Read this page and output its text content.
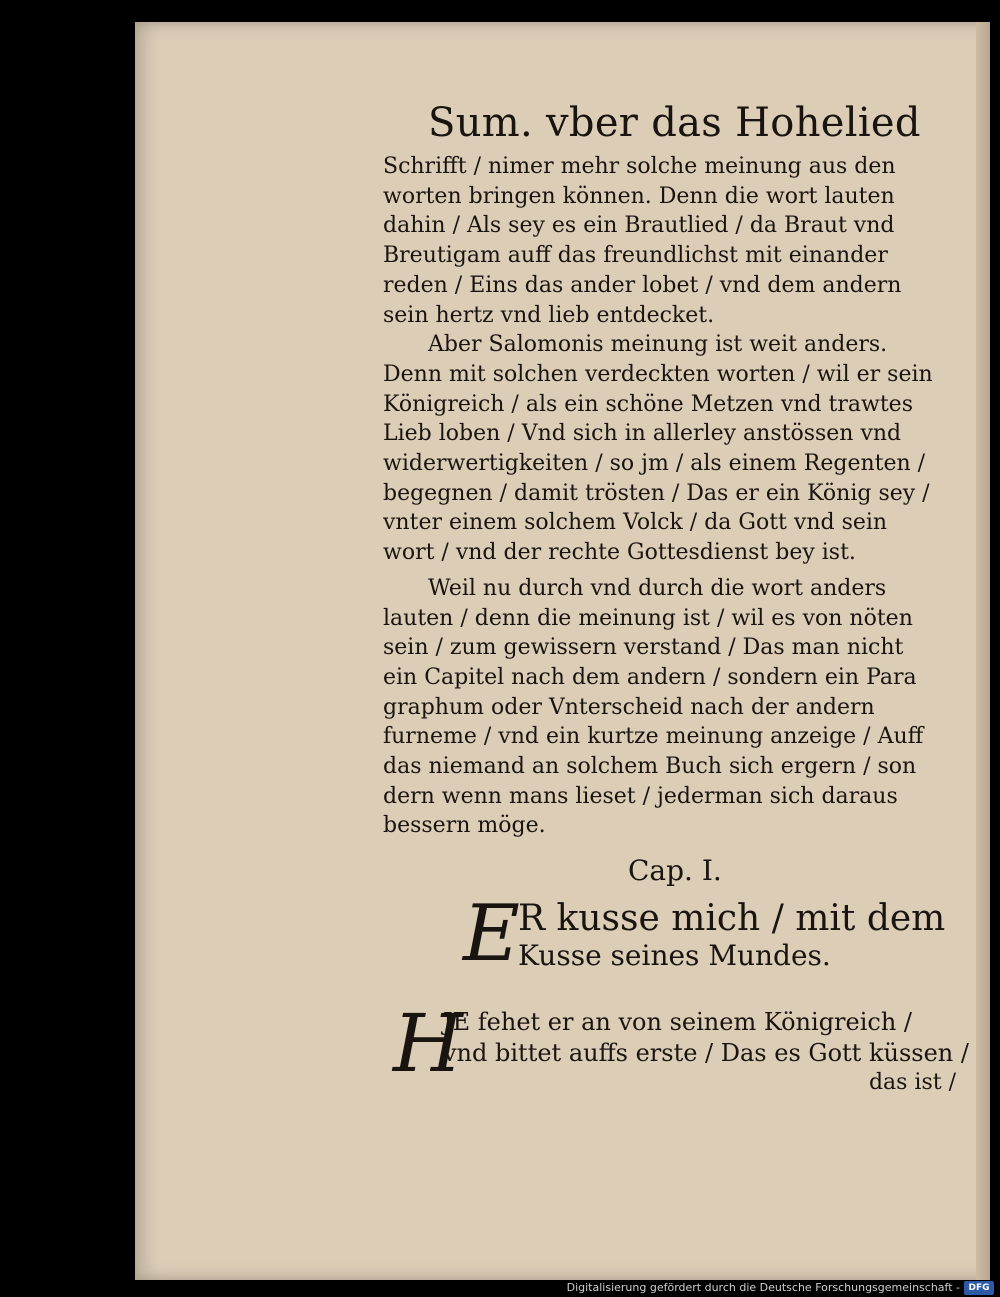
Sum. vber das Hohelied
Schrifft / nimer mehr solche meinung aus den
worten bringen können. Denn die wort lauten
dahin / Als sey es ein Brautlied / da Braut vnd
Breutigam auff das freundlichst mit einander
reden / Eins das ander lobet / vnd dem andern
sein hertz vnd lieb entdecket.
Aber Salomonis meinung ist weit anders.
Denn mit solchen verdeckten worten / wil er sein
Königreich / als ein schöne Metzen vnd trawtes
Lieb loben / Vnd sich in allerley anstössen vnd
widerwertigkeiten / so jm / als einem Regenten /
begegnen / damit trösten / Das er ein König sey /
vnter einem solchem Volck / da Gott vnd sein
wort / vnd der rechte Gottesdienst bey ist.
Weil nu durch vnd durch die wort anders
lauten / denn die meinung ist / wil es von nöten
sein / zum gewissern verstand / Das man nicht
ein Capitel nach dem andern / sondern ein Para
graphum oder Vnterscheid nach der andern
furneme / vnd ein kurtze meinung anzeige / Auff
das niemand an solchem Buch sich ergern / son
dern wenn mans lieset / jederman sich daraus
bessern möge.
Cap. I.
E
R kusse mich / mit dem
Kusse seines Mundes.
H
JE fehet er an von seinem Königreich /
vnd bittet auffs erste / Das es Gott küssen /
das ist /
Digitalisierung gefördert durch die Deutsche Forschungsgemeinschaft - DFG
